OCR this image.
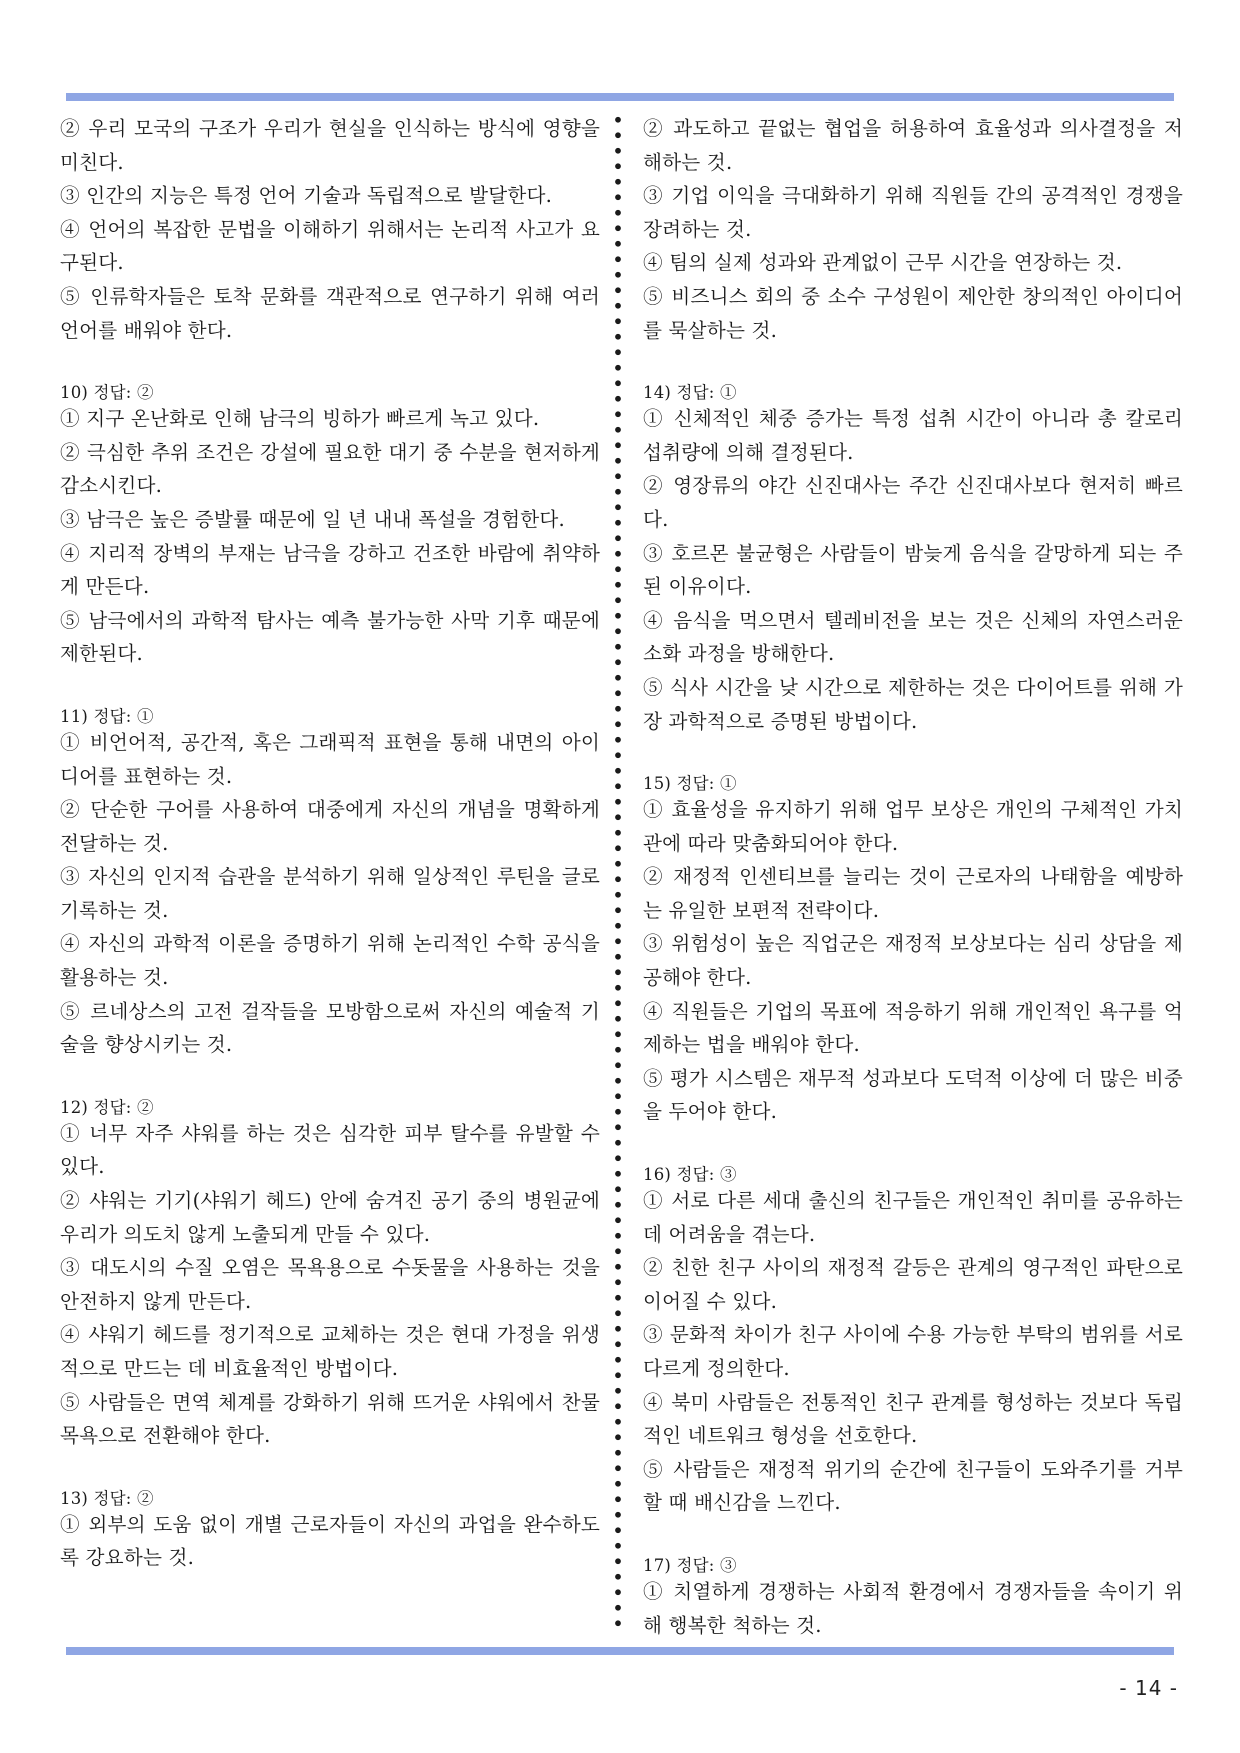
② 우리 모국의 구조가 우리가 현실을 인식하는 방식에 영향을 미친다.

③ 인간의 지능은 특정 언어 기술과 독립적으로 발달한다.

④ 언어의 복잡한 문법을 이해하기 위해서는 논리적 사고가 요구된다.

⑤ 인류학자들은 토착 문화를 객관적으로 연구하기 위해 여러 언어를 배워야 한다.

10) 정답: ②

① 지구 온난화로 인해 남극의 빙하가 빠르게 녹고 있다.

② 극심한 추위 조건은 강설에 필요한 대기 중 수분을 현저하게 감소시킨다.

③ 남극은 높은 증발률 때문에 일 년 내내 폭설을 경험한다.

④ 지리적 장벽의 부재는 남극을 강하고 건조한 바람에 취약하게 만든다.

⑤ 남극에서의 과학적 탐사는 예측 불가능한 사막 기후 때문에 제한된다.

11) 정답: ①

① 비언어적, 공간적, 혹은 그래픽적 표현을 통해 내면의 아이디어를 표현하는 것.

② 단순한 구어를 사용하여 대중에게 자신의 개념을 명확하게 전달하는 것.

③ 자신의 인지적 습관을 분석하기 위해 일상적인 루틴을 글로 기록하는 것.

④ 자신의 과학적 이론을 증명하기 위해 논리적인 수학 공식을 활용하는 것.

⑤ 르네상스의 고전 걸작들을 모방함으로써 자신의 예술적 기술을 향상시키는 것.

12) 정답: ②

① 너무 자주 샤워를 하는 것은 심각한 피부 탈수를 유발할 수 있다.

② 샤워는 기기(샤워기 헤드) 안에 숨겨진 공기 중의 병원균에 우리가 의도치 않게 노출되게 만들 수 있다.

③ 대도시의 수질 오염은 목욕용으로 수돗물을 사용하는 것을 안전하지 않게 만든다.

④ 샤워기 헤드를 정기적으로 교체하는 것은 현대 가정을 위생적으로 만드는 데 비효율적인 방법이다.

⑤ 사람들은 면역 체계를 강화하기 위해 뜨거운 샤워에서 찬물 목욕으로 전환해야 한다.

13) 정답: ②

① 외부의 도움 없이 개별 근로자들이 자신의 과업을 완수하도록 강요하는 것.

② 과도하고 끝없는 협업을 허용하여 효율성과 의사결정을 저해하는 것.

③ 기업 이익을 극대화하기 위해 직원들 간의 공격적인 경쟁을 장려하는 것.

④ 팀의 실제 성과와 관계없이 근무 시간을 연장하는 것.

⑤ 비즈니스 회의 중 소수 구성원이 제안한 창의적인 아이디어를 묵살하는 것.

14) 정답: ①

① 신체적인 체중 증가는 특정 섭취 시간이 아니라 총 칼로리 섭취량에 의해 결정된다.

② 영장류의 야간 신진대사는 주간 신진대사보다 현저히 빠르다.

③ 호르몬 불균형은 사람들이 밤늦게 음식을 갈망하게 되는 주된 이유이다.

④ 음식을 먹으면서 텔레비전을 보는 것은 신체의 자연스러운 소화 과정을 방해한다.

⑤ 식사 시간을 낮 시간으로 제한하는 것은 다이어트를 위해 가장 과학적으로 증명된 방법이다.

15) 정답: ①

① 효율성을 유지하기 위해 업무 보상은 개인의 구체적인 가치관에 따라 맞춤화되어야 한다.

② 재정적 인센티브를 늘리는 것이 근로자의 나태함을 예방하는 유일한 보편적 전략이다.

③ 위험성이 높은 직업군은 재정적 보상보다는 심리 상담을 제공해야 한다.

④ 직원들은 기업의 목표에 적응하기 위해 개인적인 욕구를 억제하는 법을 배워야 한다.

⑤ 평가 시스템은 재무적 성과보다 도덕적 이상에 더 많은 비중을 두어야 한다.

16) 정답: ③

① 서로 다른 세대 출신의 친구들은 개인적인 취미를 공유하는 데 어려움을 겪는다.

② 친한 친구 사이의 재정적 갈등은 관계의 영구적인 파탄으로 이어질 수 있다.

③ 문화적 차이가 친구 사이에 수용 가능한 부탁의 범위를 서로 다르게 정의한다.

④ 북미 사람들은 전통적인 친구 관계를 형성하는 것보다 독립적인 네트워크 형성을 선호한다.

⑤ 사람들은 재정적 위기의 순간에 친구들이 도와주기를 거부할 때 배신감을 느낀다.

17) 정답: ③

① 치열하게 경쟁하는 사회적 환경에서 경쟁자들을 속이기 위해 행복한 척하는 것.

- 14 -
